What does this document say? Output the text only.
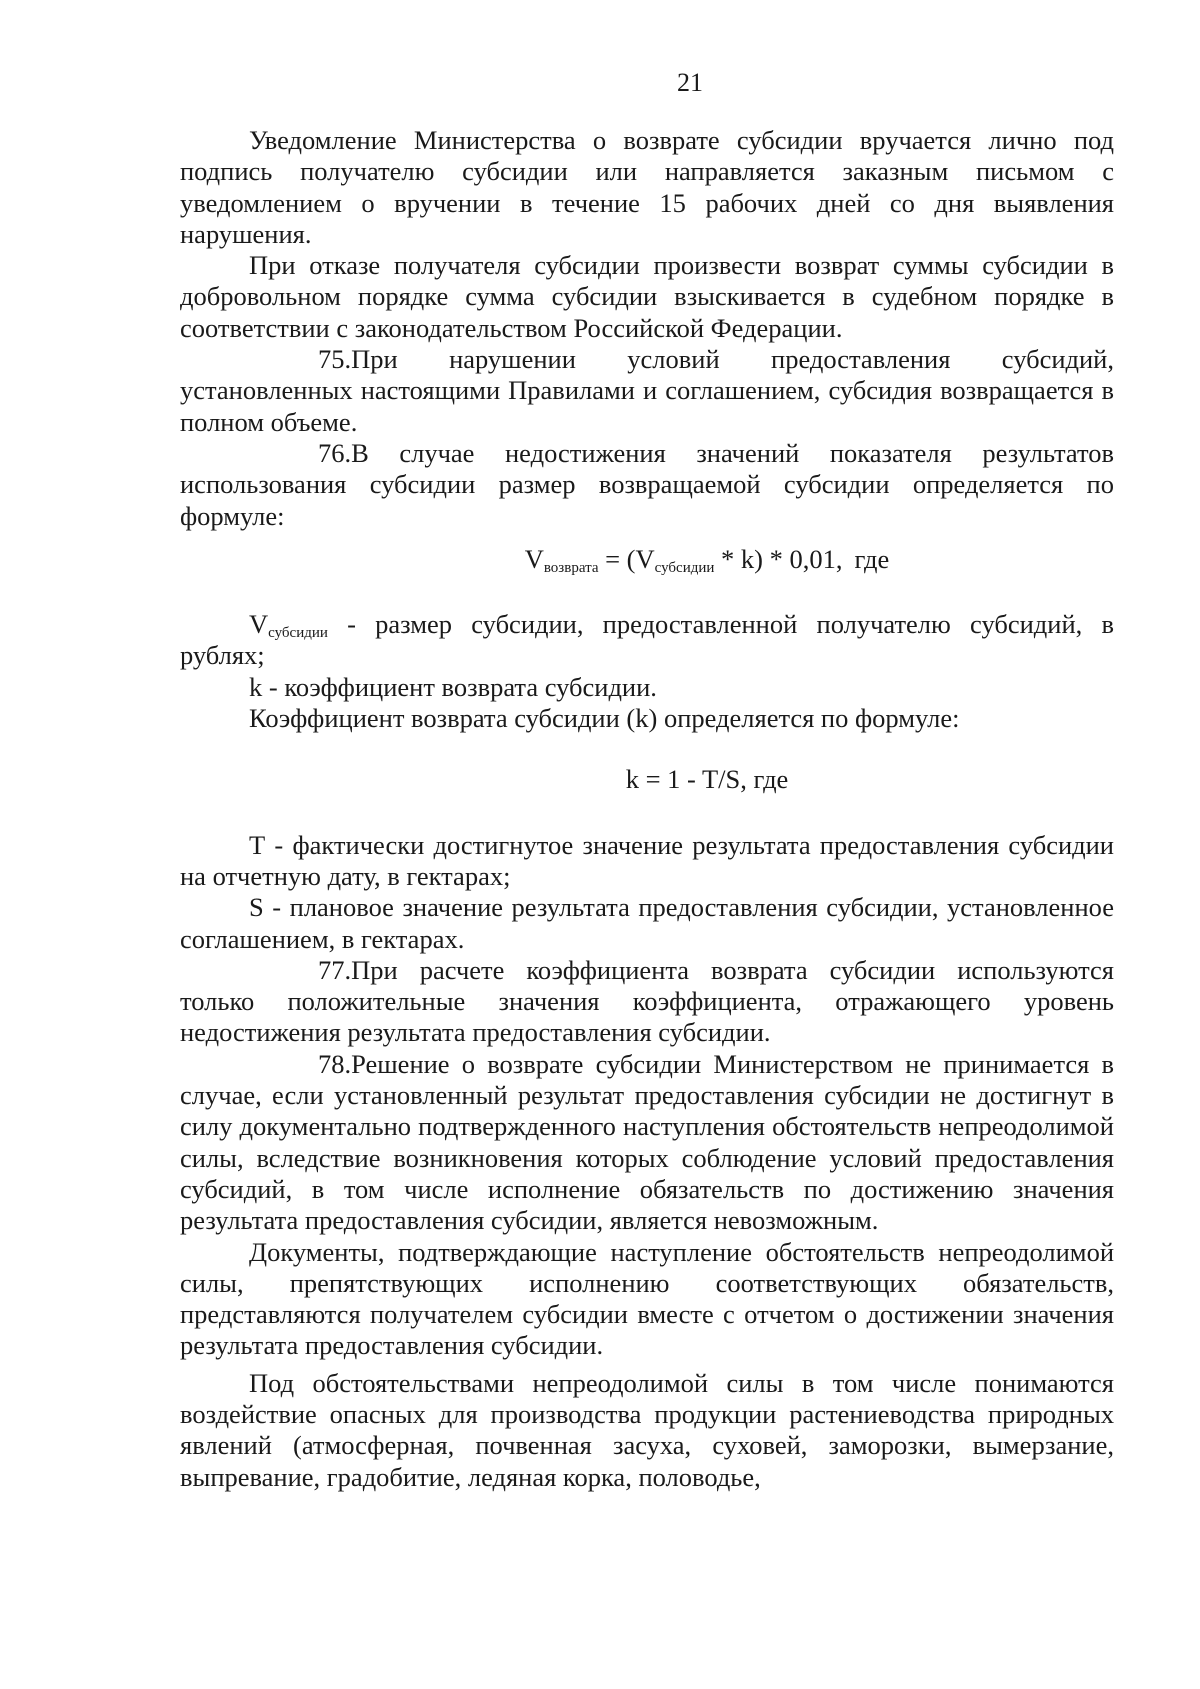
21

Уведомление Министерства о возврате субсидии вручается лично под подпись получателю субсидии или направляется заказным письмом с уведомлением о вручении в течение 15 рабочих дней со дня выявления нарушения.

При отказе получателя субсидии произвести возврат суммы субсидии в добровольном порядке сумма субсидии взыскивается в судебном порядке в соответствии с законодательством Российской Федерации.

75.При нарушении условий предоставления субсидий, установленных настоящими Правилами и соглашением, субсидия возвращается в полном объеме.

76.В случае недостижения значений показателя результатов использования субсидии размер возвращаемой субсидии определяется по формуле:

$V_{возврата} = (V_{субсидии} * k) * 0,01$, где

$V_{субсидии}$ - размер субсидии, предоставленной получателю субсидий, в рублях;

k - коэффициент возврата субсидии.

Коэффициент возврата субсидии (k) определяется по формуле:

k = 1 - T/S, где

Т - фактически достигнутое значение результата предоставления субсидии на отчетную дату, в гектарах;

S - плановое значение результата предоставления субсидии, установленное соглашением, в гектарах.

77.При расчете коэффициента возврата субсидии используются только положительные значения коэффициента, отражающего уровень недостижения результата предоставления субсидии.

78.Решение о возврате субсидии Министерством не принимается в случае, если установленный результат предоставления субсидии не достигнут в силу документально подтвержденного наступления обстоятельств непреодолимой силы, вследствие возникновения которых соблюдение условий предоставления субсидий, в том числе исполнение обязательств по достижению значения результата предоставления субсидии, является невозможным.

Документы, подтверждающие наступление обстоятельств непреодолимой силы, препятствующих исполнению соответствующих обязательств, представляются получателем субсидии вместе с отчетом о достижении значения результата предоставления субсидии.

Под обстоятельствами непреодолимой силы в том числе понимаются воздействие опасных для производства продукции растениеводства природных явлений (атмосферная, почвенная засуха, суховей, заморозки, вымерзание, выпревание, градобитие, ледяная корка, половодье,
